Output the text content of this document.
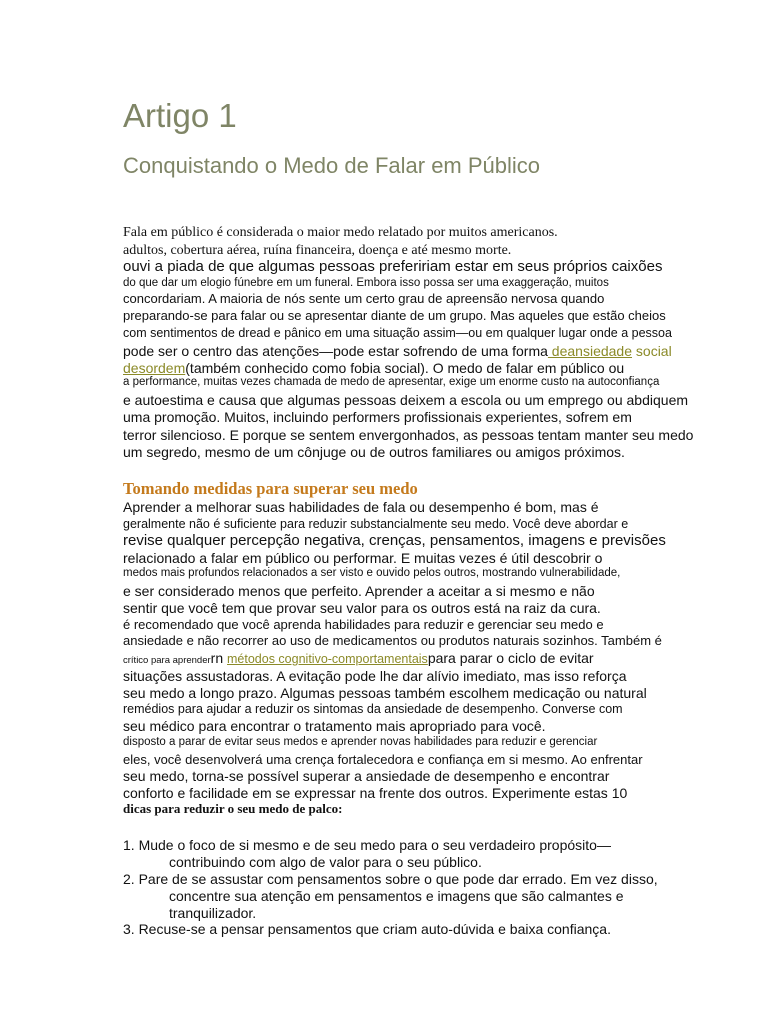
Artigo 1
Conquistando o Medo de Falar em Público

Fala em público é considerada o maior medo relatado por muitos americanos.

adultos, cobertura aérea, ruína financeira, doença e até mesmo morte.

ouvi a piada de que algumas pessoas prefeririam estar em seus próprios caixões

do que dar um elogio fúnebre em um funeral. Embora isso possa ser uma exaggeração, muitos

concordariam. A maioria de nós sente um certo grau de apreensão nervosa quando

preparando-se para falar ou se apresentar diante de um grupo. Mas aqueles que estão cheios

com sentimentos de dread e pânico em uma situação assim—ou em qualquer lugar onde a pessoa

pode ser o centro das atenções—pode estar sofrendo de uma forma deansiedade social

desordem(também conhecido como fobia social). O medo de falar em público ou

a performance, muitas vezes chamada de medo de apresentar, exige um enorme custo na autoconfiança

e autoestima e causa que algumas pessoas deixem a escola ou um emprego ou abdiquem

uma promoção. Muitos, incluindo performers profissionais experientes, sofrem em

terror silencioso. E porque se sentem envergonhados, as pessoas tentam manter seu medo

um segredo, mesmo de um cônjuge ou de outros familiares ou amigos próximos.

Tomando medidas para superar seu medo

Aprender a melhorar suas habilidades de fala ou desempenho é bom, mas é

geralmente não é suficiente para reduzir substancialmente seu medo. Você deve abordar e

revise qualquer percepção negativa, crenças, pensamentos, imagens e previsões

relacionado a falar em público ou performar. E muitas vezes é útil descobrir o

medos mais profundos relacionados a ser visto e ouvido pelos outros, mostrando vulnerabilidade,

e ser considerado menos que perfeito. Aprender a aceitar a si mesmo e não

sentir que você tem que provar seu valor para os outros está na raiz da cura.

é recomendado que você aprenda habilidades para reduzir e gerenciar seu medo e

ansiedade e não recorrer ao uso de medicamentos ou produtos naturais sozinhos. Também é

crítico para aprenderrn métodos cognitivo-comportamentaispara parar o ciclo de evitar

situações assustadoras. A evitação pode lhe dar alívio imediato, mas isso reforça

seu medo a longo prazo. Algumas pessoas também escolhem medicação ou natural

remédios para ajudar a reduzir os sintomas da ansiedade de desempenho. Converse com

seu médico para encontrar o tratamento mais apropriado para você.

disposto a parar de evitar seus medos e aprender novas habilidades para reduzir e gerenciar

eles, você desenvolverá uma crença fortalecedora e confiança em si mesmo. Ao enfrentar

seu medo, torna-se possível superar a ansiedade de desempenho e encontrar

conforto e facilidade em se expressar na frente dos outros. Experimente estas 10

dicas para reduzir o seu medo de palco:

1. Mude o foco de si mesmo e de seu medo para o seu verdadeiro propósito—

contribuindo com algo de valor para o seu público.

2. Pare de se assustar com pensamentos sobre o que pode dar errado. Em vez disso,

concentre sua atenção em pensamentos e imagens que são calmantes e

tranquilizador.

3. Recuse-se a pensar pensamentos que criam auto-dúvida e baixa confiança.
